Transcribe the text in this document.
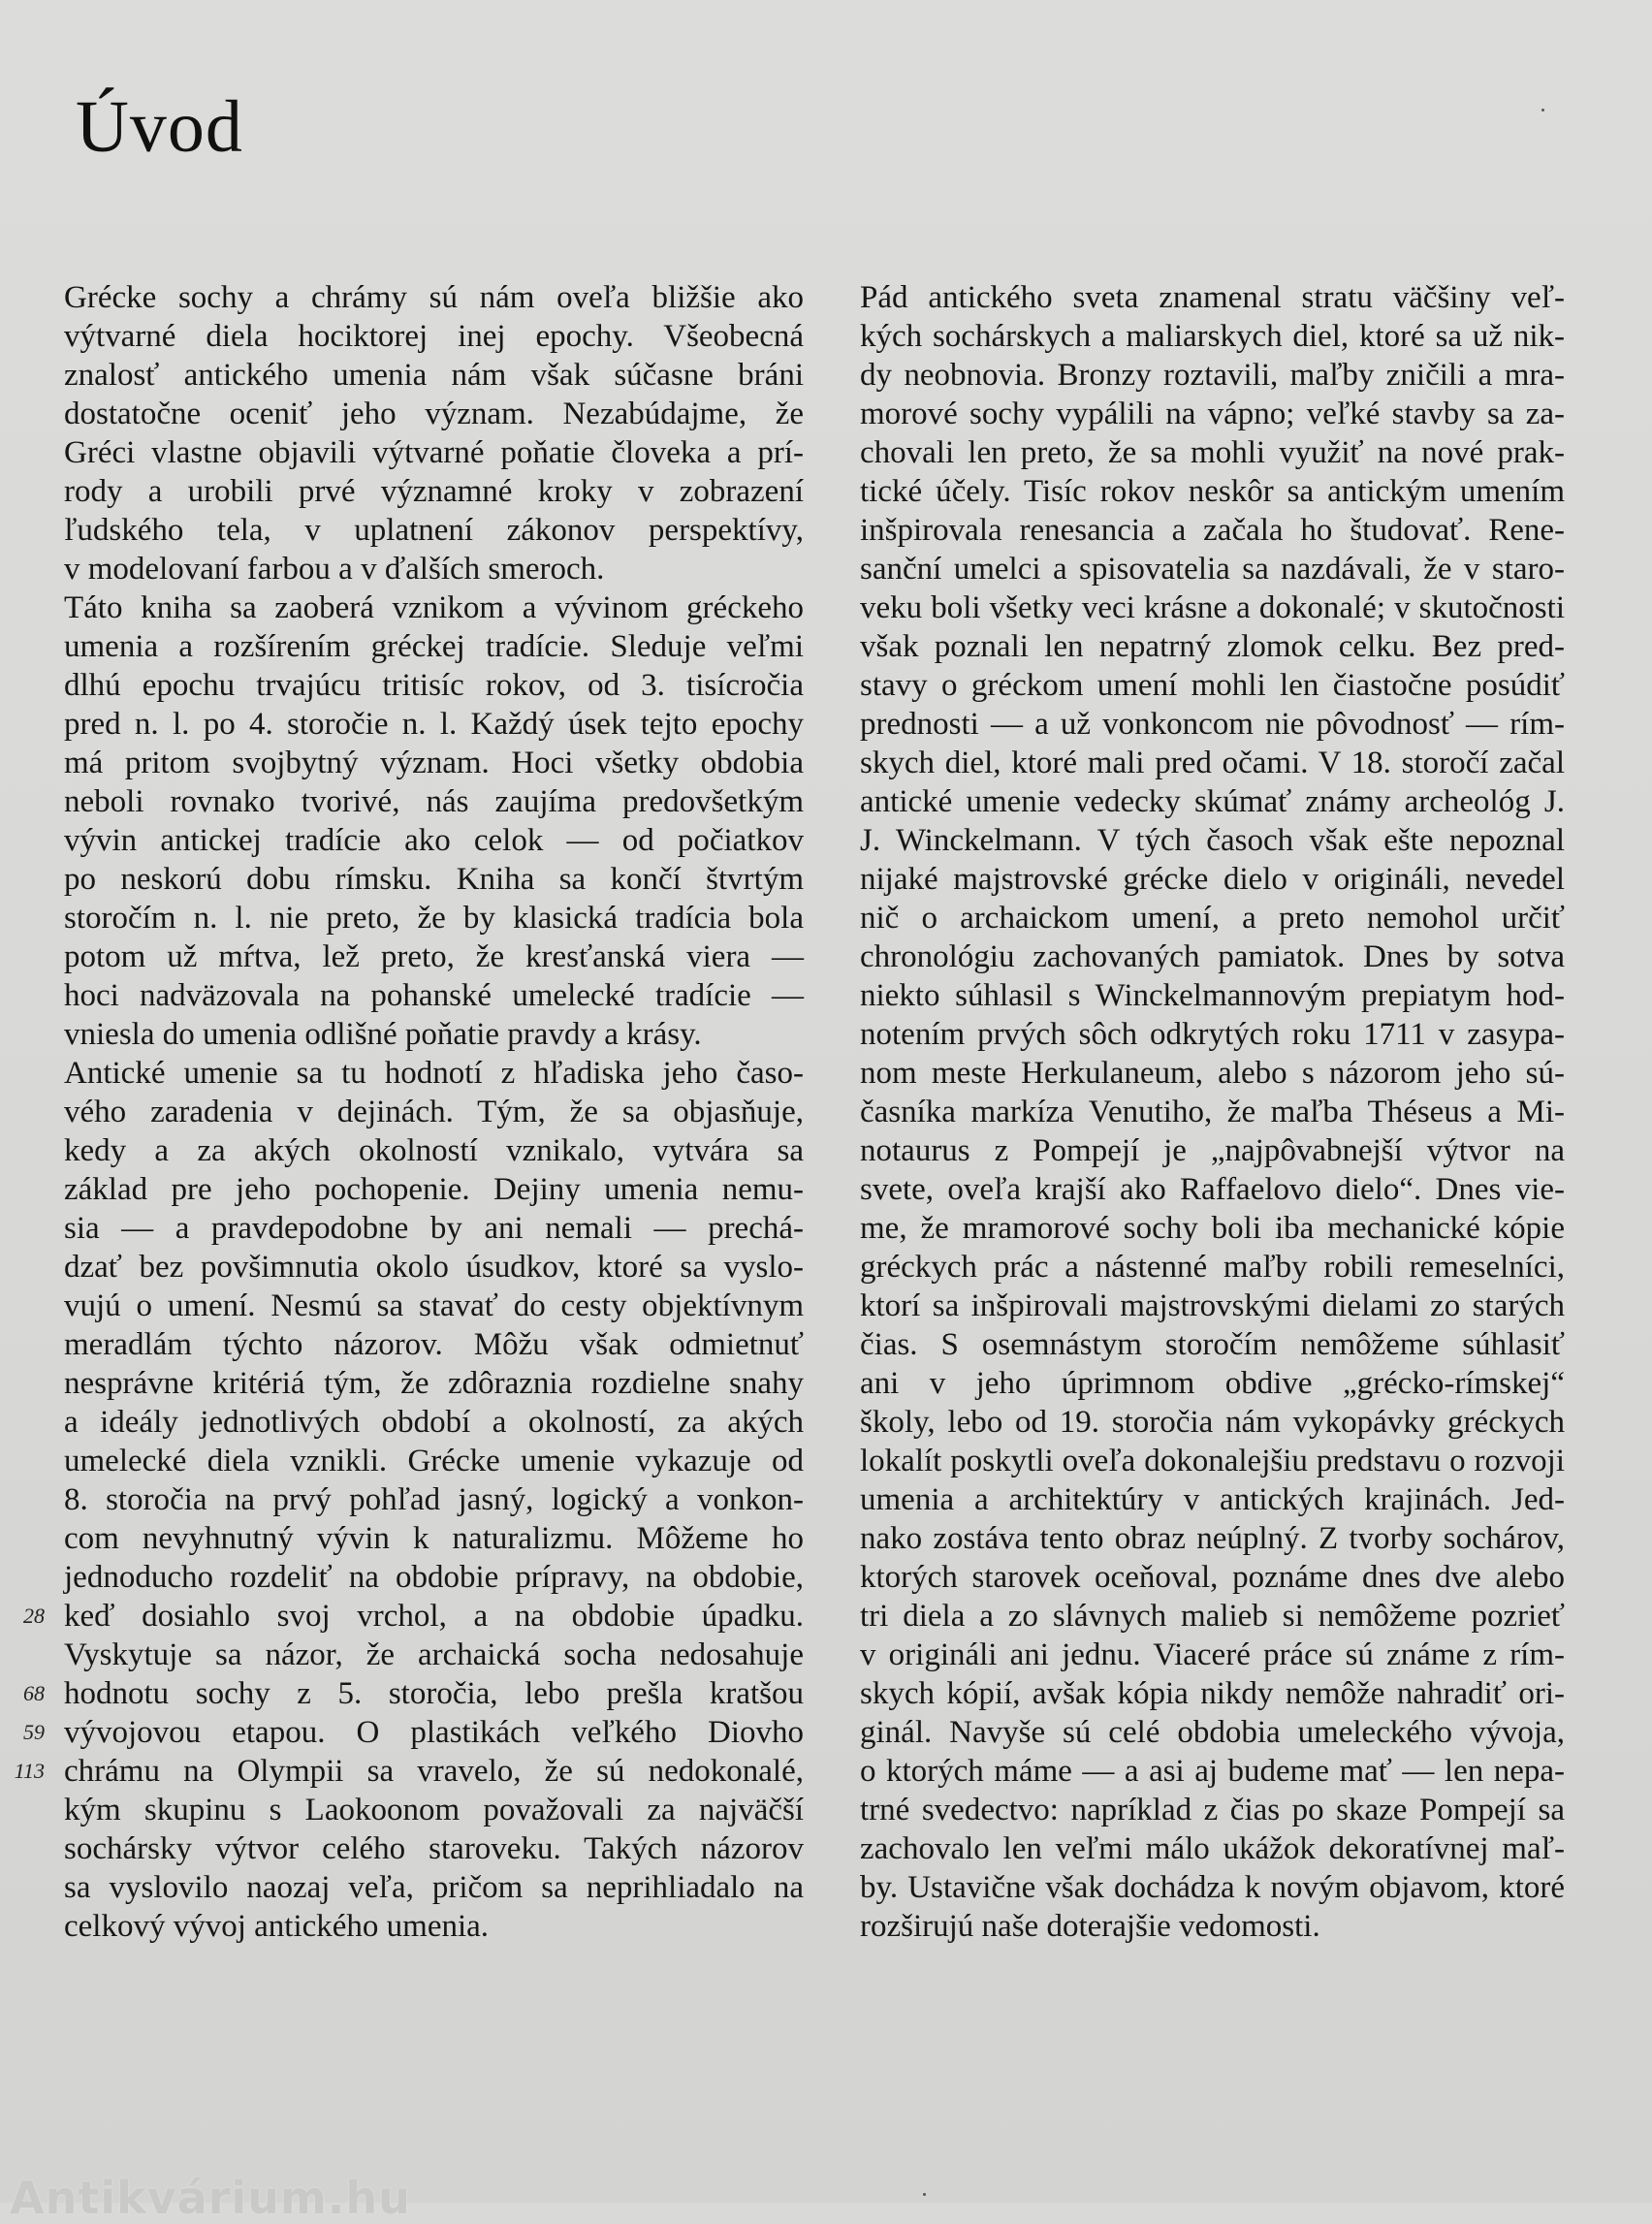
Úvod
28
68
59
113
Grécke sochy a chrámy sú nám oveľa bližšie ako
výtvarné diela hociktorej inej epochy. Všeobecná
znalosť antického umenia nám však súčasne bráni
dostatočne oceniť jeho význam. Nezabúdajme, že
Gréci vlastne objavili výtvarné poňatie človeka a prí-
rody a urobili prvé významné kroky v zobrazení
ľudského tela, v uplatnení zákonov perspektívy,
v modelovaní farbou a v ďalších smeroch.
Táto kniha sa zaoberá vznikom a vývinom gréckeho
umenia a rozšírením gréckej tradície. Sleduje veľmi
dlhú epochu trvajúcu tritisíc rokov, od 3. tisícročia
pred n. l. po 4. storočie n. l. Každý úsek tejto epochy
má pritom svojbytný význam. Hoci všetky obdobia
neboli rovnako tvorivé, nás zaujíma predovšetkým
vývin antickej tradície ako celok — od počiatkov
po neskorú dobu rímsku. Kniha sa končí štvrtým
storočím n. l. nie preto, že by klasická tradícia bola
potom už mŕtva, lež preto, že kresťanská viera —
hoci nadväzovala na pohanské umelecké tradície —
vniesla do umenia odlišné poňatie pravdy a krásy.
Antické umenie sa tu hodnotí z hľadiska jeho časo-
vého zaradenia v dejinách. Tým, že sa objasňuje,
kedy a za akých okolností vznikalo, vytvára sa
základ pre jeho pochopenie. Dejiny umenia nemu-
sia — a pravdepodobne by ani nemali — prechá-
dzať bez povšimnutia okolo úsudkov, ktoré sa vyslo-
vujú o umení. Nesmú sa stavať do cesty objektívnym
meradlám týchto názorov. Môžu však odmietnuť
nesprávne kritériá tým, že zdôraznia rozdielne snahy
a ideály jednotlivých období a okolností, za akých
umelecké diela vznikli. Grécke umenie vykazuje od
8. storočia na prvý pohľad jasný, logický a vonkon-
com nevyhnutný vývin k naturalizmu. Môžeme ho
jednoducho rozdeliť na obdobie prípravy, na obdobie,
keď dosiahlo svoj vrchol, a na obdobie úpadku.
Vyskytuje sa názor, že archaická socha nedosahuje
hodnotu sochy z 5. storočia, lebo prešla kratšou
vývojovou etapou. O plastikách veľkého Diovho
chrámu na Olympii sa vravelo, že sú nedokonalé,
kým skupinu s Laokoonom považovali za najväčší
sochársky výtvor celého staroveku. Takých názorov
sa vyslovilo naozaj veľa, pričom sa neprihliadalo na
celkový vývoj antického umenia.
Pád antického sveta znamenal stratu väčšiny veľ-
kých sochárskych a maliarskych diel, ktoré sa už nik-
dy neobnovia. Bronzy roztavili, maľby zničili a mra-
morové sochy vypálili na vápno; veľké stavby sa za-
chovali len preto, že sa mohli využiť na nové prak-
tické účely. Tisíc rokov neskôr sa antickým umením
inšpirovala renesancia a začala ho študovať. Rene-
sanční umelci a spisovatelia sa nazdávali, že v staro-
veku boli všetky veci krásne a dokonalé; v skutočnosti
však poznali len nepatrný zlomok celku. Bez pred-
stavy o gréckom umení mohli len čiastočne posúdiť
prednosti — a už vonkoncom nie pôvodnosť — rím-
skych diel, ktoré mali pred očami. V 18. storočí začal
antické umenie vedecky skúmať známy archeológ J.
J. Winckelmann. V tých časoch však ešte nepoznal
nijaké majstrovské grécke dielo v origináli, nevedel
nič o archaickom umení, a preto nemohol určiť
chronológiu zachovaných pamiatok. Dnes by sotva
niekto súhlasil s Winckelmannovým prepiatym hod-
notením prvých sôch odkrytých roku 1711 v zasypa-
nom meste Herkulaneum, alebo s názorom jeho sú-
časníka markíza Venutiho, že maľba Théseus a Mi-
notaurus z Pompejí je „najpôvabnejší výtvor na
svete, oveľa krajší ako Raffaelovo dielo“. Dnes vie-
me, že mramorové sochy boli iba mechanické kópie
gréckych prác a nástenné maľby robili remeselníci,
ktorí sa inšpirovali majstrovskými dielami zo starých
čias. S osemnástym storočím nemôžeme súhlasiť
ani v jeho úprimnom obdive „grécko-rímskej“
školy, lebo od 19. storočia nám vykopávky gréckych
lokalít poskytli oveľa dokonalejšiu predstavu o rozvoji
umenia a architektúry v antických krajinách. Jed-
nako zostáva tento obraz neúplný. Z tvorby sochárov,
ktorých starovek oceňoval, poznáme dnes dve alebo
tri diela a zo slávnych malieb si nemôžeme pozrieť
v origináli ani jednu. Viaceré práce sú známe z rím-
skych kópií, avšak kópia nikdy nemôže nahradiť ori-
ginál. Navyše sú celé obdobia umeleckého vývoja,
o ktorých máme — a asi aj budeme mať — len nepa-
trné svedectvo: napríklad z čias po skaze Pompejí sa
zachovalo len veľmi málo ukážok dekoratívnej maľ-
by. Ustavične však dochádza k novým objavom, ktoré
rozširujú naše doterajšie vedomosti.
Antikvárium.hu
